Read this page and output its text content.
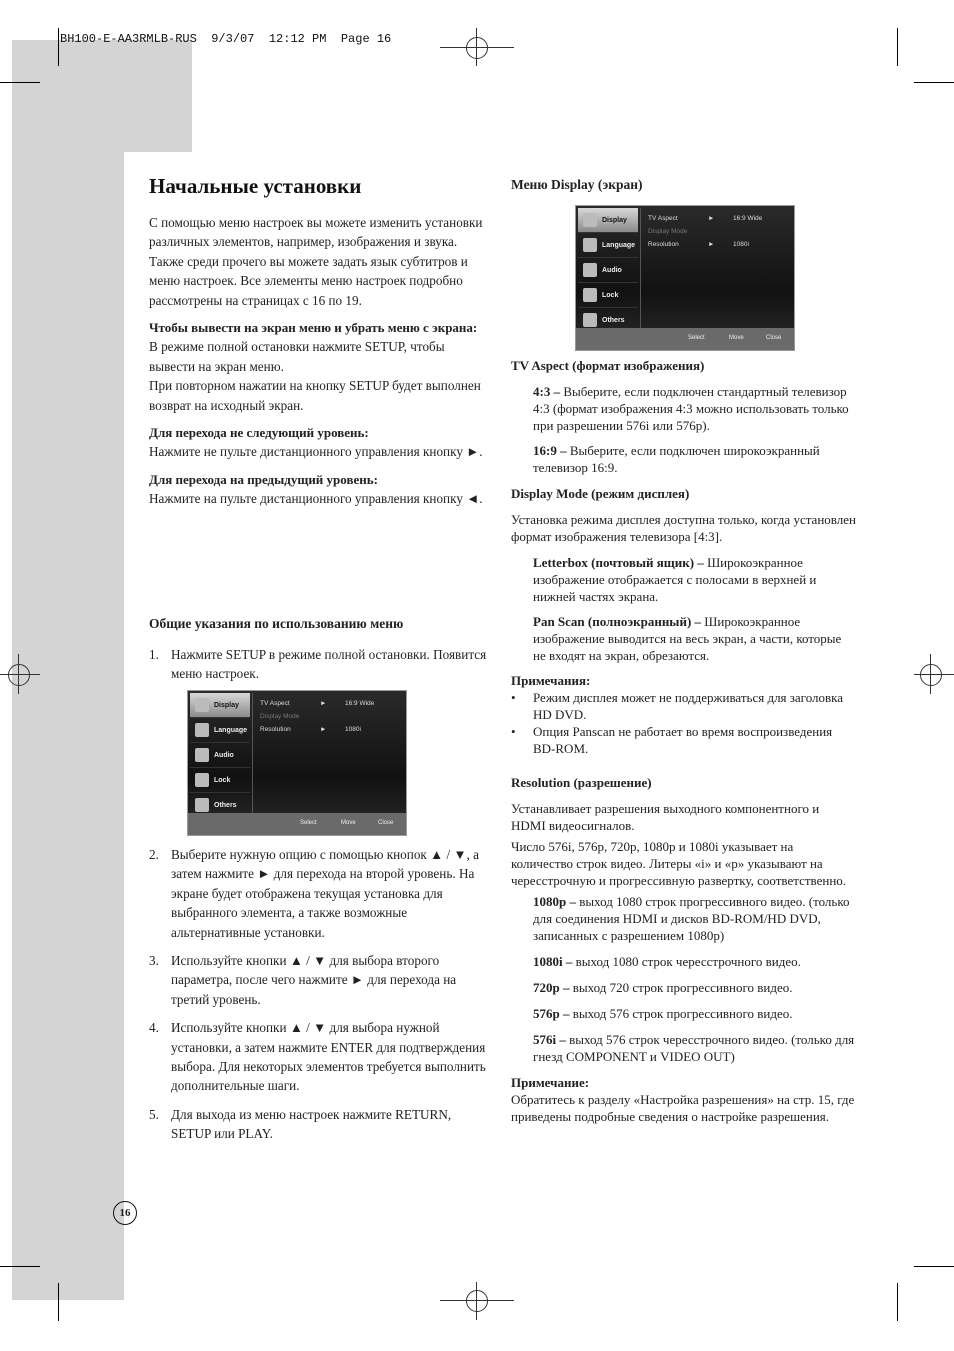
BH100-E-AA3RMLB-RUS  9/3/07  12:12 PM  Page 16
Начальные установки

С помощью меню настроек вы можете изменить установки различных элементов, например, изображения и звука. Также среди прочего вы можете задать язык субтитров и меню настроек. Все элементы меню настроек подробно рассмотрены на страницах с 16 по 19.

Чтобы вывести на экран меню и убрать меню с экрана:

В режиме полной остановки нажмите SETUP, чтобы вывести на экран меню.

При повторном нажатии на кнопку SETUP будет выполнен возврат на исходный экран.

Для перехода не следующий уровень:

Нажмите не пульте дистанционного управления кнопку ►.

Для перехода на предыдущий уровень:

Нажмите на пульте дистанционного управления кнопку ◄.

Общие указания по использованию меню

1. Нажмите SETUP в режиме полной остановки. Появится меню настроек.

Display
Language
Audio
Lock
Others
TV Aspect	►	16:9 Wide
Display Mode
Resolution	►	1080i
Select	Move	Close

2. Выберите нужную опцию с помощью кнопок ▲ / ▼, а затем нажмите ► для перехода на второй уровень. На экране будет отображена текущая установка для выбранного элемента, а также возможные альтернативные установки.

3. Используйте кнопки ▲ / ▼ для выбора второго параметра, после чего нажмите ► для перехода на третий уровень.

4. Используйте кнопки ▲ / ▼ для выбора нужной установки, а затем нажмите ENTER для подтверждения выбора. Для некоторых элементов требуется выполнить дополнительные шаги.

5. Для выхода из меню настроек нажмите RETURN, SETUP или PLAY.

Меню Display (экран)
Display
Language
Audio
Lock
Others
TV Aspect	►	16:9 Wide
Display Mode
Resolution	►	1080i
Select	Move	Close

TV Aspect (формат изображения)

4:3 – Выберите, если подключен стандартный телевизор 4:3 (формат изображения 4:3 можно использовать только при разрешении 576i или 576p).

16:9 – Выберите, если подключен широкоэкранный телевизор 16:9.

Display Mode (режим дисплея)

Установка режима дисплея доступна только, когда установлен формат изображения телевизора [4:3].

Letterbox (почтовый ящик) – Широкоэкранное изображение отображается с полосами в верхней и нижней частях экрана.

Pan Scan (полноэкранный) – Широкоэкранное изображение выводится на весь экран, а части, которые не входят на экран, обрезаются.

Примечания:

• Режим дисплея может не поддерживаться для заголовка HD DVD.

• Опция Panscan не работает во время воспроизведения BD-ROM.

Resolution (разрешение)

Устанавливает разрешения выходного компонентного и HDMI видеосигналов.

Число 576i, 576p, 720p, 1080p и 1080i указывает на количество строк видео. Литеры «i» и «p» указывают на чересстрочную и прогрессивную развертку, соответственно.

1080p – выход 1080 строк прогрессивного видео. (только для соединения HDMI и дисков BD-ROM/HD DVD, записанных с разрешением 1080p)

1080i – выход 1080 строк чересстрочного видео.

720p – выход 720 строк прогрессивного видео.

576p – выход 576 строк прогрессивного видео.

576i – выход 576 строк чересстрочного видео. (только для гнезд COMPONENT и VIDEO OUT)

Примечание:

Обратитесь к разделу «Настройка разрешения» на стр. 15, где приведены подробные сведения о настройке разрешения.

16
